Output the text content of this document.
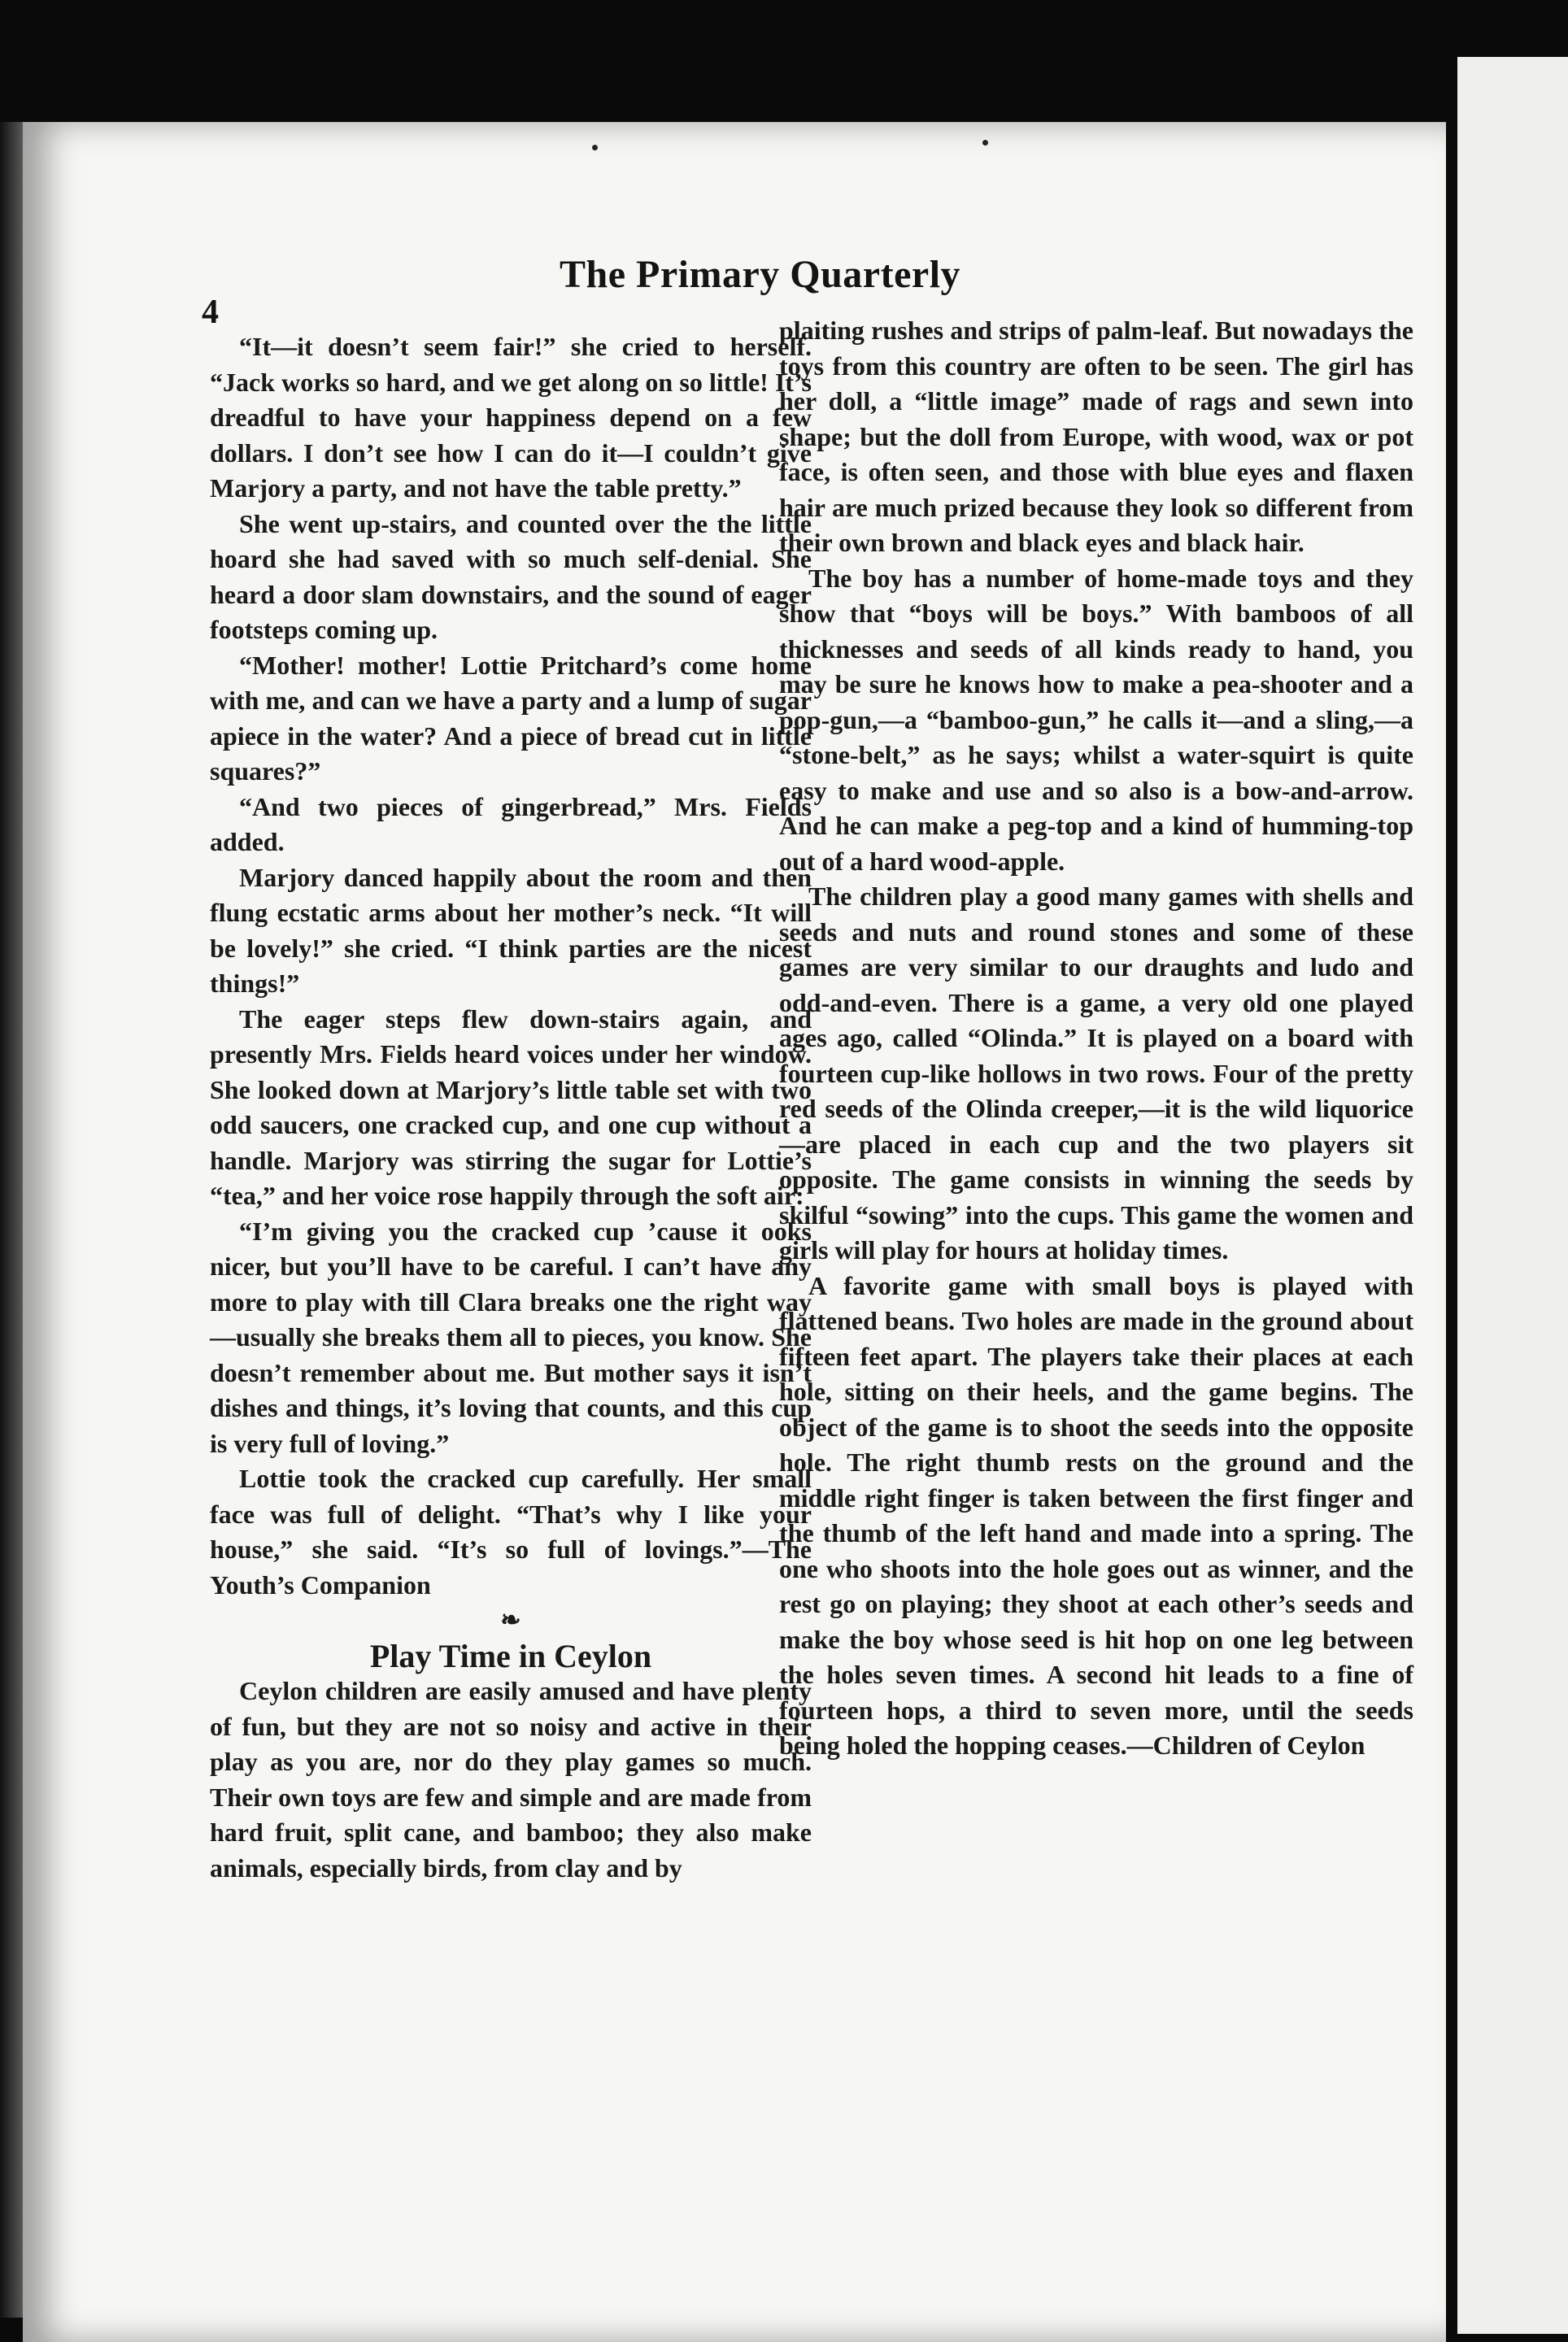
4
The Primary Quarterly

“It—it doesn’t seem fair!” she cried to herself. “Jack works so hard, and we get along on so little! It’s dreadful to have your happiness depend on a few dollars. I don’t see how I can do it—I couldn’t give Marjory a party, and not have the table pretty.”

She went up-stairs, and counted over the the little hoard she had saved with so much self-denial. She heard a door slam downstairs, and the sound of eager footsteps coming up.

“Mother! mother! Lottie Pritchard’s come home with me, and can we have a party and a lump of sugar apiece in the water? And a piece of bread cut in little squares?”

“And two pieces of gingerbread,” Mrs. Fields added.

Marjory danced happily about the room and then flung ecstatic arms about her mother’s neck. “It will be lovely!” she cried. “I think parties are the nicest things!”

The eager steps flew down-stairs again, and presently Mrs. Fields heard voices under her window. She looked down at Marjory’s little table set with two odd saucers, one cracked cup, and one cup without a handle. Marjory was stirring the sugar for Lottie’s “tea,” and her voice rose happily through the soft air:

“I’m giving you the cracked cup ’cause it ooks nicer, but you’ll have to be careful. I can’t have any more to play with till Clara breaks one the right way—usually she breaks them all to pieces, you know. She doesn’t remember about me. But mother says it isn’t dishes and things, it’s loving that counts, and this cup is very full of loving.”

Lottie took the cracked cup carefully. Her small face was full of delight. “That’s why I like your house,” she said. “It’s so full of lovings.”—The Youth’s Companion

❧

Play Time in Ceylon

Ceylon children are easily amused and have plenty of fun, but they are not so noisy and active in their play as you are, nor do they play games so much. Their own toys are few and simple and are made from hard fruit, split cane, and bamboo; they also make animals, especially birds, from clay and by

plaiting rushes and strips of palm-leaf. But nowadays the toys from this country are often to be seen. The girl has her doll, a “little image” made of rags and sewn into shape; but the doll from Europe, with wood, wax or pot face, is often seen, and those with blue eyes and flaxen hair are much prized because they look so different from their own brown and black eyes and black hair.

The boy has a number of home-made toys and they show that “boys will be boys.” With bamboos of all thicknesses and seeds of all kinds ready to hand, you may be sure he knows how to make a pea-shooter and a pop-gun,—a “bamboo-gun,” he calls it—and a sling,—a “stone-belt,” as he says; whilst a water-squirt is quite easy to make and use and so also is a bow-and-arrow. And he can make a peg-top and a kind of humming-top out of a hard wood-apple.

The children play a good many games with shells and seeds and nuts and round stones and some of these games are very similar to our draughts and ludo and odd-and-even. There is a game, a very old one played ages ago, called “Olinda.” It is played on a board with fourteen cup-like hollows in two rows. Four of the pretty red seeds of the Olinda creeper,—it is the wild liquorice—are placed in each cup and the two players sit opposite. The game consists in winning the seeds by skilful “sowing” into the cups. This game the women and girls will play for hours at holiday times.

A favorite game with small boys is played with flattened beans. Two holes are made in the ground about fifteen feet apart. The players take their places at each hole, sitting on their heels, and the game begins. The object of the game is to shoot the seeds into the opposite hole. The right thumb rests on the ground and the middle right finger is taken between the first finger and the thumb of the left hand and made into a spring. The one who shoots into the hole goes out as winner, and the rest go on playing; they shoot at each other’s seeds and make the boy whose seed is hit hop on one leg between the holes seven times. A second hit leads to a fine of fourteen hops, a third to seven more, until the seeds being holed the hopping ceases.—Children of Ceylon
